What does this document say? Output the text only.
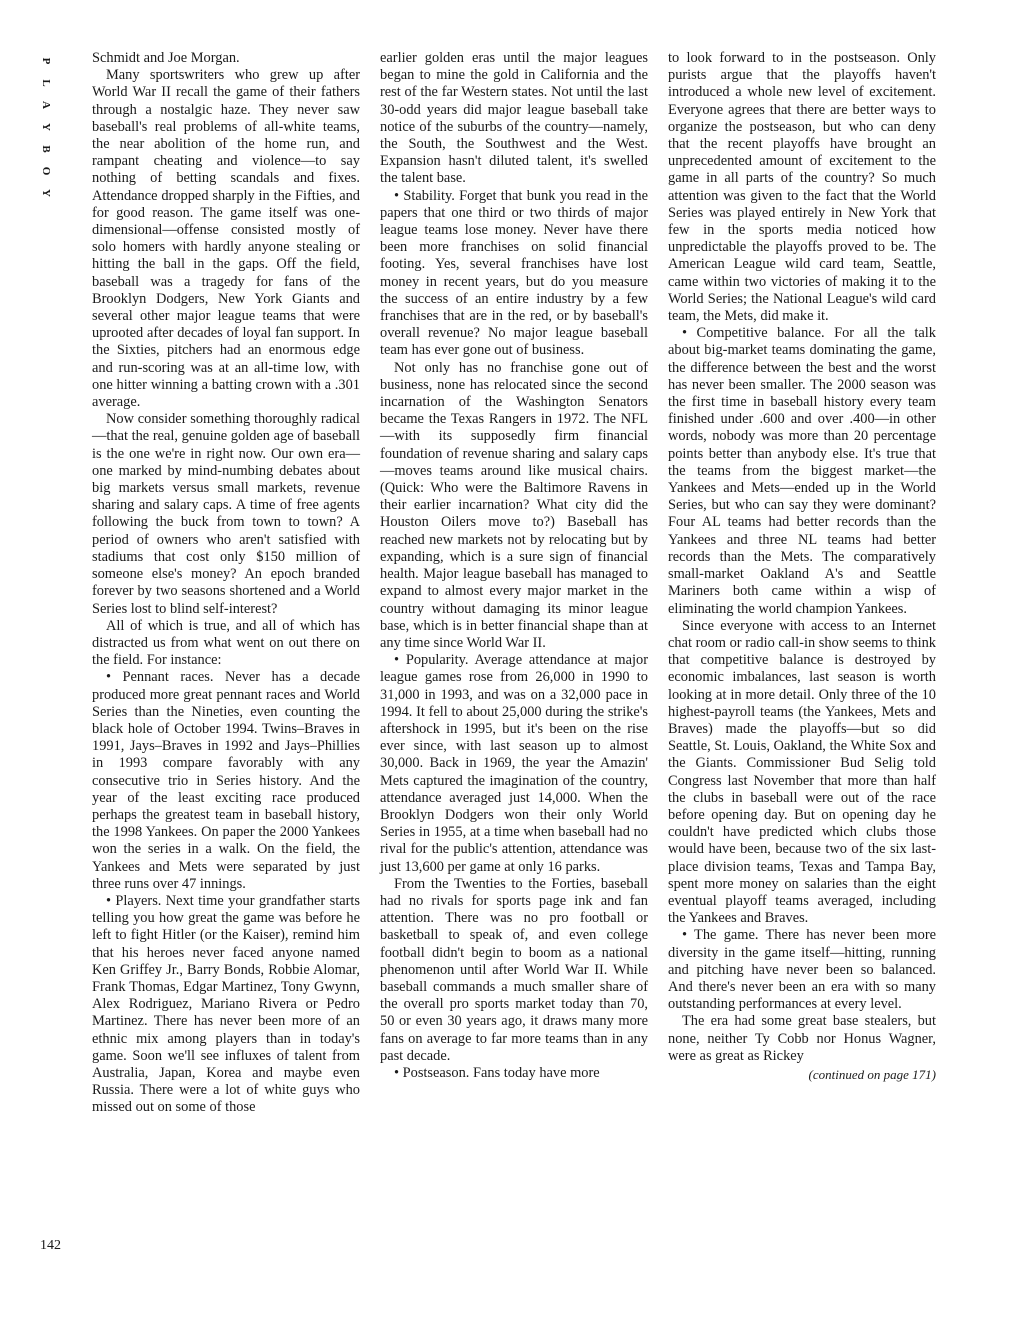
P
L
A
Y
B
O
Y
142

Schmidt and Joe Morgan.

Many sportswriters who grew up after World War II recall the game of their fathers through a nostalgic haze. They never saw baseball's real problems of all-white teams, the near abolition of the home run, and rampant cheating and violence—to say nothing of betting scandals and fixes. Attendance dropped sharply in the Fifties, and for good reason. The game itself was one-dimensional—offense consisted mostly of solo homers with hardly anyone stealing or hitting the ball in the gaps. Off the field, baseball was a tragedy for fans of the Brooklyn Dodgers, New York Giants and several other major league teams that were uprooted after decades of loyal fan support. In the Sixties, pitchers had an enormous edge and run-scoring was at an all-time low, with one hitter winning a batting crown with a .301 average.

Now consider something thoroughly radical—that the real, genuine golden age of baseball is the one we're in right now. Our own era—one marked by mind-numbing debates about big markets versus small markets, revenue sharing and salary caps. A time of free agents following the buck from town to town? A period of owners who aren't satisfied with stadiums that cost only $150 million of someone else's money? An epoch branded forever by two seasons shortened and a World Series lost to blind self-interest?

All of which is true, and all of which has distracted us from what went on out there on the field. For instance:

• Pennant races. Never has a decade produced more great pennant races and World Series than the Nineties, even counting the black hole of October 1994. Twins–Braves in 1991, Jays–Braves in 1992 and Jays–Phillies in 1993 compare favorably with any consecutive trio in Series history. And the year of the least exciting race produced perhaps the greatest team in baseball history, the 1998 Yankees. On paper the 2000 Yankees won the series in a walk. On the field, the Yankees and Mets were separated by just three runs over 47 innings.

• Players. Next time your grandfather starts telling you how great the game was before he left to fight Hitler (or the Kaiser), remind him that his heroes never faced anyone named Ken Griffey Jr., Barry Bonds, Robbie Alomar, Frank Thomas, Edgar Martinez, Tony Gwynn, Alex Rodriguez, Mariano Rivera or Pedro Martinez. There has never been more of an ethnic mix among players than in today's game. Soon we'll see influxes of talent from Australia, Japan, Korea and maybe even Russia. There were a lot of white guys who missed out on some of those

earlier golden eras until the major leagues began to mine the gold in California and the rest of the far Western states. Not until the last 30-odd years did major league baseball take notice of the suburbs of the country—namely, the South, the Southwest and the West. Expansion hasn't diluted talent, it's swelled the talent base.

• Stability. Forget that bunk you read in the papers that one third or two thirds of major league teams lose money. Never have there been more franchises on solid financial footing. Yes, several franchises have lost money in recent years, but do you measure the success of an entire industry by a few franchises that are in the red, or by baseball's overall revenue? No major league baseball team has ever gone out of business.

Not only has no franchise gone out of business, none has relocated since the second incarnation of the Washington Senators became the Texas Rangers in 1972. The NFL—with its supposedly firm financial foundation of revenue sharing and salary caps—moves teams around like musical chairs. (Quick: Who were the Baltimore Ravens in their earlier incarnation? What city did the Houston Oilers move to?) Baseball has reached new markets not by relocating but by expanding, which is a sure sign of financial health. Major league baseball has managed to expand to almost every major market in the country without damaging its minor league base, which is in better financial shape than at any time since World War II.

• Popularity. Average attendance at major league games rose from 26,000 in 1990 to 31,000 in 1993, and was on a 32,000 pace in 1994. It fell to about 25,000 during the strike's aftershock in 1995, but it's been on the rise ever since, with last season up to almost 30,000. Back in 1969, the year the Amazin' Mets captured the imagination of the country, attendance averaged just 14,000. When the Brooklyn Dodgers won their only World Series in 1955, at a time when baseball had no rival for the public's attention, attendance was just 13,600 per game at only 16 parks.

From the Twenties to the Forties, baseball had no rivals for sports page ink and fan attention. There was no pro football or basketball to speak of, and even college football didn't begin to boom as a national phenomenon until after World War II. While baseball commands a much smaller share of the overall pro sports market today than 70, 50 or even 30 years ago, it draws many more fans on average to far more teams than in any past decade.

• Postseason. Fans today have more

to look forward to in the postseason. Only purists argue that the playoffs haven't introduced a whole new level of excitement. Everyone agrees that there are better ways to organize the postseason, but who can deny that the recent playoffs have brought an unprecedented amount of excitement to the game in all parts of the country? So much attention was given to the fact that the World Series was played entirely in New York that few in the sports media noticed how unpredictable the playoffs proved to be. The American League wild card team, Seattle, came within two victories of making it to the World Series; the National League's wild card team, the Mets, did make it.

• Competitive balance. For all the talk about big-market teams dominating the game, the difference between the best and the worst has never been smaller. The 2000 season was the first time in baseball history every team finished under .600 and over .400—in other words, nobody was more than 20 percentage points better than anybody else. It's true that the teams from the biggest market—the Yankees and Mets—ended up in the World Series, but who can say they were dominant? Four AL teams had better records than the Yankees and three NL teams had better records than the Mets. The comparatively small-market Oakland A's and Seattle Mariners both came within a wisp of eliminating the world champion Yankees.

Since everyone with access to an Internet chat room or radio call-in show seems to think that competitive balance is destroyed by economic imbalances, last season is worth looking at in more detail. Only three of the 10 highest-payroll teams (the Yankees, Mets and Braves) made the playoffs—but so did Seattle, St. Louis, Oakland, the White Sox and the Giants. Commissioner Bud Selig told Congress last November that more than half the clubs in baseball were out of the race before opening day. But on opening day he couldn't have predicted which clubs those would have been, because two of the six last-place division teams, Texas and Tampa Bay, spent more money on salaries than the eight eventual playoff teams averaged, including the Yankees and Braves.

• The game. There has never been more diversity in the game itself—hitting, running and pitching have never been so balanced. And there's never been an era with so many outstanding performances at every level.

The era had some great base stealers, but none, neither Ty Cobb nor Honus Wagner, were as great as Rickey

(continued on page 171)
